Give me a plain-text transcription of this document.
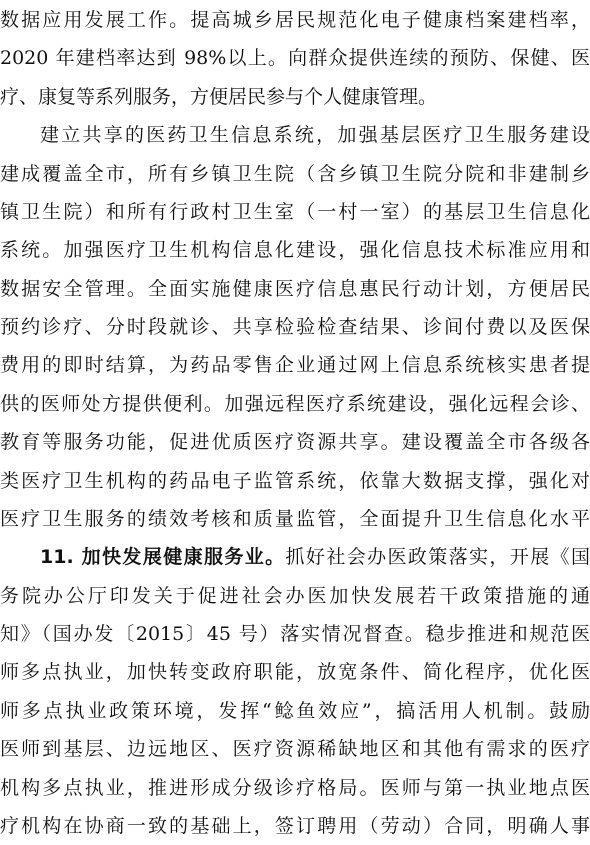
数据应用发展工作。提高城乡居民规范化电子健康档案建档率，
2020 年建档率达到 98%以上。向群众提供连续的预防、保健、医
疗、康复等系列服务，方便居民参与个人健康管理。
建立共享的医药卫生信息系统，加强基层医疗卫生服务建设
建成覆盖全市，所有乡镇卫生院（含乡镇卫生院分院和非建制乡
镇卫生院）和所有行政村卫生室（一村一室）的基层卫生信息化
系统。加强医疗卫生机构信息化建设，强化信息技术标准应用和
数据安全管理。全面实施健康医疗信息惠民行动计划，方便居民
预约诊疗、分时段就诊、共享检验检查结果、诊间付费以及医保
费用的即时结算，为药品零售企业通过网上信息系统核实患者提
供的医师处方提供便利。加强远程医疗系统建设，强化远程会诊、
教育等服务功能，促进优质医疗资源共享。建设覆盖全市各级各
类医疗卫生机构的药品电子监管系统，依靠大数据支撑，强化对
医疗卫生服务的绩效考核和质量监管，全面提升卫生信息化水平
11. 加快发展健康服务业。抓好社会办医政策落实，开展《国
务院办公厅印发关于促进社会办医加快发展若干政策措施的通
知》（国办发〔2015〕45 号）落实情况督查。稳步推进和规范医
师多点执业，加快转变政府职能，放宽条件、简化程序，优化医
师多点执业政策环境，发挥“鲶鱼效应”，搞活用人机制。鼓励
医师到基层、边远地区、医疗资源稀缺地区和其他有需求的医疗
机构多点执业，推进形成分级诊疗格局。医师与第一执业地点医
疗机构在协商一致的基础上，签订聘用（劳动）合同，明确人事
